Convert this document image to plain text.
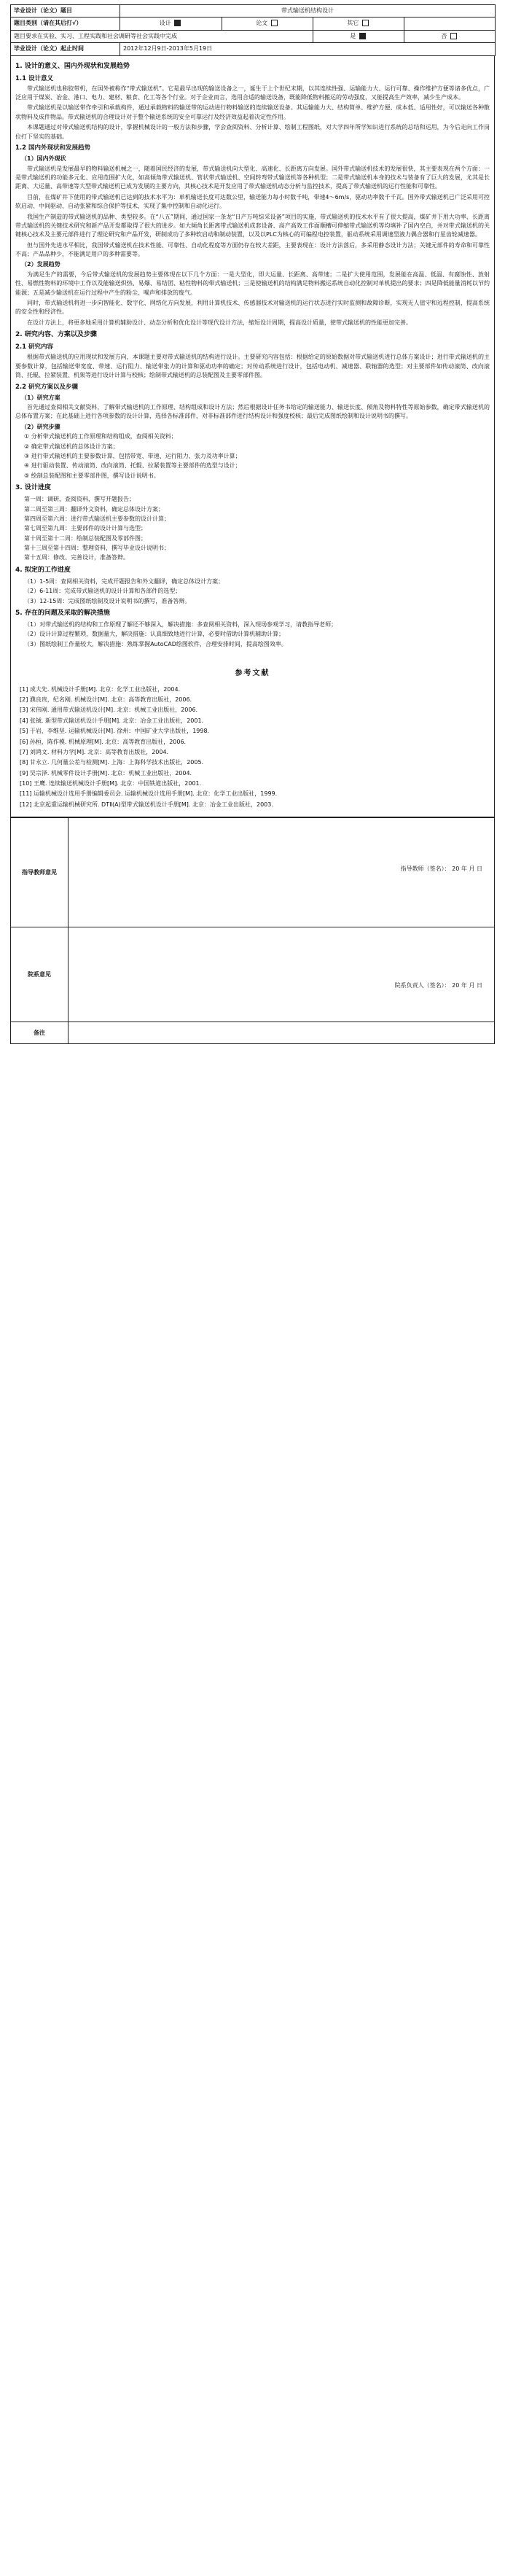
毕业设计（论文）题目	带式输送机结构设计			
题目类别（请在其后打√）	设计	论文	其它	
题目要求在实验、实习、工程实践和社会调研等社会实践中完成			是	否
毕业设计（论文）起止时间	2012年12月9日-2013年5月19日			
1. 设计的意义、国内外现状和发展趋势
1.1 设计意义

带式输送机也称胶带机，在国外被称作“带式输送机”。它是最早出现的输送设备之一，诞生于上个世纪末期，以其连续性强、运输能力大、运行可靠、操作维护方便等诸多优点，广泛应用于煤炭、冶金、港口、电力、建材、粮食、化工等各个行业。对于企业而言，选用合适的输送设备，既能降低物料搬运的劳动强度，又能提高生产效率，减少生产成本。

带式输送机是以输送带作牵引和承载构件，通过承载物料的输送带的运动进行物料输送的连续输送设备。其运输能力大、结构简单、维护方便、成本低、适用性好，可以输送各种散状物料及成件物品。带式输送机的合理设计对于整个输送系统的安全可靠运行及经济效益起着决定性作用。

本课题通过对带式输送机结构的设计，掌握机械设计的一般方法和步骤，学会查阅资料、分析计算、绘制工程图纸，对大学四年所学知识进行系统的总结和运用，为今后走向工作岗位打下坚实的基础。

1.2 国内外现状和发展趋势
（1）国内外现状

带式输送机是发展最早的物料输送机械之一，随着国民经济的发展，带式输送机向大型化、高速化、长距离方向发展。国外带式输送机技术的发展很快，其主要表现在两个方面：一是带式输送机的功能多元化、应用范围扩大化，如高倾角带式输送机、管状带式输送机、空间转弯带式输送机等各种机型；二是带式输送机本身的技术与装备有了巨大的发展，尤其是长距离、大运量、高带速等大型带式输送机已成为发展的主要方向，其核心技术是开发应用了带式输送机动态分析与监控技术，提高了带式输送机的运行性能和可靠性。

目前，在煤矿井下使用的带式输送机已达到的技术水平为：单机输送长度可达数公里，输送能力每小时数千吨，带速4～6m/s，驱动功率数千千瓦。国外带式输送机已广泛采用可控软启动、中间驱动、自动张紧和综合保护等技术，实现了集中控制和自动化运行。

我国生产制造的带式输送机的品种、类型较多。在“八五”期间，通过国家一条龙“日产万吨综采设备”项目的实施，带式输送机的技术水平有了很大提高，煤矿井下用大功率、长距离带式输送机的关键技术研究和新产品开发都取得了很大的进步。如大倾角长距离带式输送机成套设备、高产高效工作面顺槽可伸缩带式输送机等均填补了国内空白，并对带式输送机的关键核心技术及主要元部件进行了理论研究和产品开发，研制成功了多种软启动和制动装置，以及以PLC为核心的可编程电控装置，驱动系统采用调速型液力偶合器和行星齿轮减速器。

但与国外先进水平相比，我国带式输送机在技术性能、可靠性、自动化程度等方面仍存在较大差距，主要表现在：设计方法落后，多采用静态设计方法；关键元部件的寿命和可靠性不高；产品品种少，不能满足用户的多种需要等。

（2）发展趋势

为满足生产的需要，今后带式输送机的发展趋势主要体现在以下几个方面：一是大型化，即大运量、长距离、高带速；二是扩大使用范围，发展能在高温、低温、有腐蚀性、放射性、易燃性物料的环境中工作以及能输送炽热、易爆、易结团、粘性物料的带式输送机；三是使输送机的结构满足物料搬运系统自动化控制对单机提出的要求；四是降低能量消耗以节约能源；五是减少输送机在运行过程中产生的粉尘、噪声和排放的废气。

同时，带式输送机将进一步向智能化、数字化、网络化方向发展，利用计算机技术、传感器技术对输送机的运行状态进行实时监测和故障诊断，实现无人值守和远程控制，提高系统的安全性和经济性。

在设计方法上，将更多地采用计算机辅助设计、动态分析和优化设计等现代设计方法，缩短设计周期，提高设计质量，使带式输送机的性能更加完善。

2. 研究内容、方案以及步骤
2.1 研究内容

根据带式输送机的应用现状和发展方向，本课题主要对带式输送机的结构进行设计。主要研究内容包括：根据给定的原始数据对带式输送机进行总体方案设计；进行带式输送机的主要参数计算，包括输送带宽度、带速、运行阻力、输送带张力的计算和驱动功率的确定；对传动系统进行设计，包括电动机、减速器、联轴器的选型；对主要部件如传动滚筒、改向滚筒、托辊、拉紧装置、机架等进行设计计算与校核；绘制带式输送机的总装配图及主要零部件图。

2.2 研究方案以及步骤
（1）研究方案

首先通过查阅相关文献资料，了解带式输送机的工作原理、结构组成和设计方法；然后根据设计任务书给定的输送能力、输送长度、倾角及物料特性等原始参数，确定带式输送机的总体布置方案；在此基础上进行各项参数的设计计算，选择各标准部件，对非标准部件进行结构设计和强度校核；最后完成图纸绘制和设计说明书的撰写。

（2）研究步骤
① 分析带式输送机的工作原理和结构组成，查阅相关资料；
② 确定带式输送机的总体设计方案；
③ 进行带式输送机的主要参数计算，包括带宽、带速、运行阻力、张力及功率计算；
④ 进行驱动装置、传动滚筒、改向滚筒、托辊、拉紧装置等主要部件的选型与设计；
⑤ 绘制总装配图和主要零部件图，撰写设计说明书。
3. 设计进度
第一周：调研，查阅资料，撰写开题报告；
第二周至第三周：翻译外文资料，确定总体设计方案；
第四周至第六周：进行带式输送机主要参数的设计计算；
第七周至第九周：主要部件的设计计算与选型；
第十周至第十二周：绘制总装配图及零部件图；
第十三周至第十四周：整理资料，撰写毕业设计说明书；
第十五周：修改、完善设计，准备答辩。
4. 拟定的工作进度
（1）1-5周：查阅相关资料，完成开题报告和外文翻译，确定总体设计方案；
（2）6-11周：完成带式输送机的设计计算和各部件的选型；
（3）12-15周：完成图纸绘制及设计说明书的撰写，准备答辩。
5. 存在的问题及采取的解决措施
（1）对带式输送机的结构和工作原理了解还不够深入，解决措施：多查阅相关资料，深入现场参观学习，请教指导老师；
（2）设计计算过程繁琐，数据量大，解决措施：认真细致地进行计算，必要时借助计算机辅助计算；
（3）图纸绘制工作量较大，解决措施：熟练掌握AutoCAD绘图软件，合理安排时间，提高绘图效率。
参考文献
[1] 成大先. 机械设计手册[M]. 北京：化学工业出版社，2004.
[2] 濮良贵，纪名刚. 机械设计[M]. 北京：高等教育出版社，2006.
[3] 宋伟刚. 通用带式输送机设计[M]. 北京：机械工业出版社，2006.
[4] 张钺. 新型带式输送机设计手册[M]. 北京：冶金工业出版社，2001.
[5] 于岩，李维坚. 运输机械设计[M]. 徐州：中国矿业大学出版社，1998.
[6] 孙桓，陈作模. 机械原理[M]. 北京：高等教育出版社，2006.
[7] 刘鸿文. 材料力学[M]. 北京：高等教育出版社，2004.
[8] 甘永立. 几何量公差与检测[M]. 上海：上海科学技术出版社，2005.
[9] 吴宗泽. 机械零件设计手册[M]. 北京：机械工业出版社，2004.
[10] 王鹰. 连续输送机械设计手册[M]. 北京：中国铁道出版社，2001.
[11] 运输机械设计选用手册编辑委员会. 运输机械设计选用手册[M]. 北京：化学工业出版社，1999.
[12] 北京起重运输机械研究所. DTⅡ(A)型带式输送机设计手册[M]. 北京：冶金工业出版社，2003.
指导教师意见	指导教师（签名）： 20 年 月 日

院系意见	院系负责人（签名）： 20 年 月 日

备注	
